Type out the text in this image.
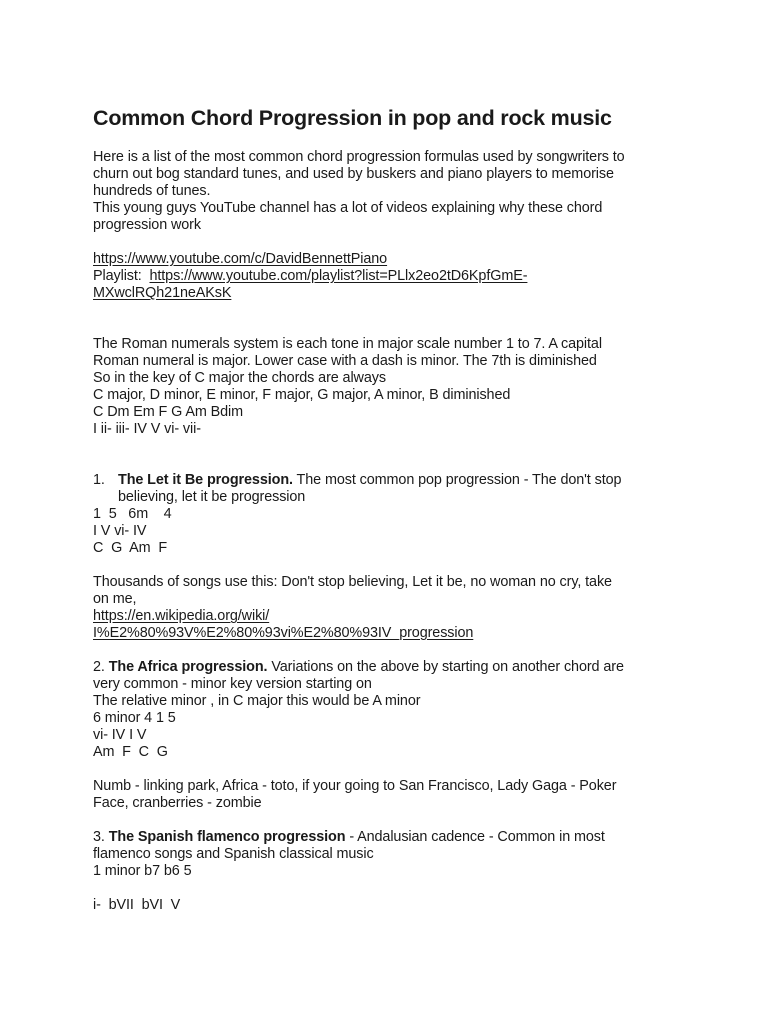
Common Chord Progression in pop and rock music
Here is a list of the most common chord progression formulas used by songwriters to
churn out bog standard tunes, and used by buskers and piano players to memorise
hundreds of tunes.
This young guys YouTube channel has a lot of videos explaining why these chord
progression work
https://www.youtube.com/c/DavidBennettPiano
Playlist:  https://www.youtube.com/playlist?list=PLlx2eo2tD6KpfGmE-
MXwclRQh21neAKsK
The Roman numerals system is each tone in major scale number 1 to 7. A capital
Roman numeral is major. Lower case with a dash is minor. The 7th is diminished
So in the key of C major the chords are always
C major, D minor, E minor, F major, G major, A minor, B diminished
C Dm Em F G Am Bdim
I ii- iii- IV V vi- vii-
1. The Let it Be progression. The most common pop progression - The don't stop
believing, let it be progression
1  5   6m    4
I V vi- IV
C  G  Am  F
Thousands of songs use this: Don't stop believing, Let it be, no woman no cry, take
on me,
https://en.wikipedia.org/wiki/
I%E2%80%93V%E2%80%93vi%E2%80%93IV_progression
2. The Africa progression. Variations on the above by starting on another chord are
very common - minor key version starting on
The relative minor , in C major this would be A minor
6 minor 4 1 5
vi- IV I V
Am  F  C  G
Numb - linking park, Africa - toto, if your going to San Francisco, Lady Gaga - Poker
Face, cranberries - zombie
3. The Spanish flamenco progression - Andalusian cadence - Common in most
flamenco songs and Spanish classical music
1 minor b7 b6 5
i-  bVII  bVI  V
